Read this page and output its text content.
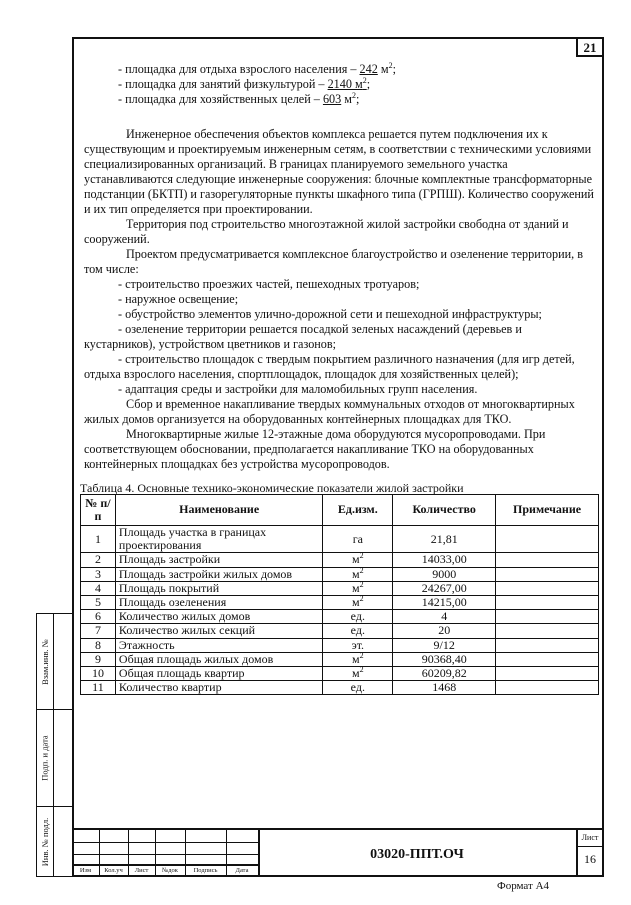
21
Взам.инв. №
Подп. и дата
Инв. № подл.

- площадка для отдыха взрослого населения – 242 $м^2$;

- площадка для занятий физкультурой – 2140 $м^2$;

- площадка для хозяйственных целей – 603 $м^2$;

Инженерное обеспечения объектов комплекса решается путем подключения их к

существующим и проектируемым инженерным сетям, в соответствии с техническими условиями специализированных организаций. В границах планируемого земельного участка устанавливаются следующие инженерные сооружения: блочные комплектные трансформаторные подстанции (БКТП) и газорегуляторные пункты шкафного типа (ГРПШ). Количество сооружений и их тип определяется при проектировании.

Территория под строительство многоэтажной жилой застройки свободна от зданий и

сооружений.

Проектом предусматривается комплексное благоустройство и озеленение территории, в

том числе:

- строительство проезжих частей, пешеходных тротуаров;

- наружное освещение;

- обустройство элементов улично-дорожной сети и пешеходной инфраструктуры;

- озеленение территории решается посадкой зеленых насаждений (деревьев и

кустарников), устройством цветников и газонов;

- строительство площадок с твердым покрытием различного назначения (для игр детей,

отдыха взрослого населения, спортплощадок, площадок для хозяйственных целей);

- адаптация среды и застройки для маломобильных групп населения.

Сбор и временное накапливание твердых коммунальных отходов от многоквартирных

жилых домов организуется на оборудованных контейнерных площадках для ТКО.

Многоквартирные жилые 12-этажные дома оборудуются мусоропроводами. При

соответствующем обосновании, предполагается накапливание ТКО на оборудованных контейнерных площадках без устройства мусоропроводов.

Таблица 4. Основные технико-экономические показатели жилой застройки
№ п/п	Наименование	Ед.изм.	Количество	Примечание
1	Площадь участка в границах проектирования	га	21,81	
2	Площадь застройки	$м^2$	14033,00	
3	Площадь застройки жилых домов	$м^2$	9000	
4	Площадь покрытий	$м^2$	24267,00	
5	Площадь озеленения	$м^2$	14215,00	
6	Количество жилых домов	ед.	4	
7	Количество жилых секций	ед.	20	
8	Этажность	эт.	9/12	
9	Общая площадь жилых домов	$м^2$	90368,40	
10	Общая площадь квартир	$м^2$	60209,82	
11	Количество квартир	ед.	1468	
Изм	Кол.уч	Лист	№док	Подпись	Дата
03020-ППТ.ОЧ
Лист
16
Формат А4
